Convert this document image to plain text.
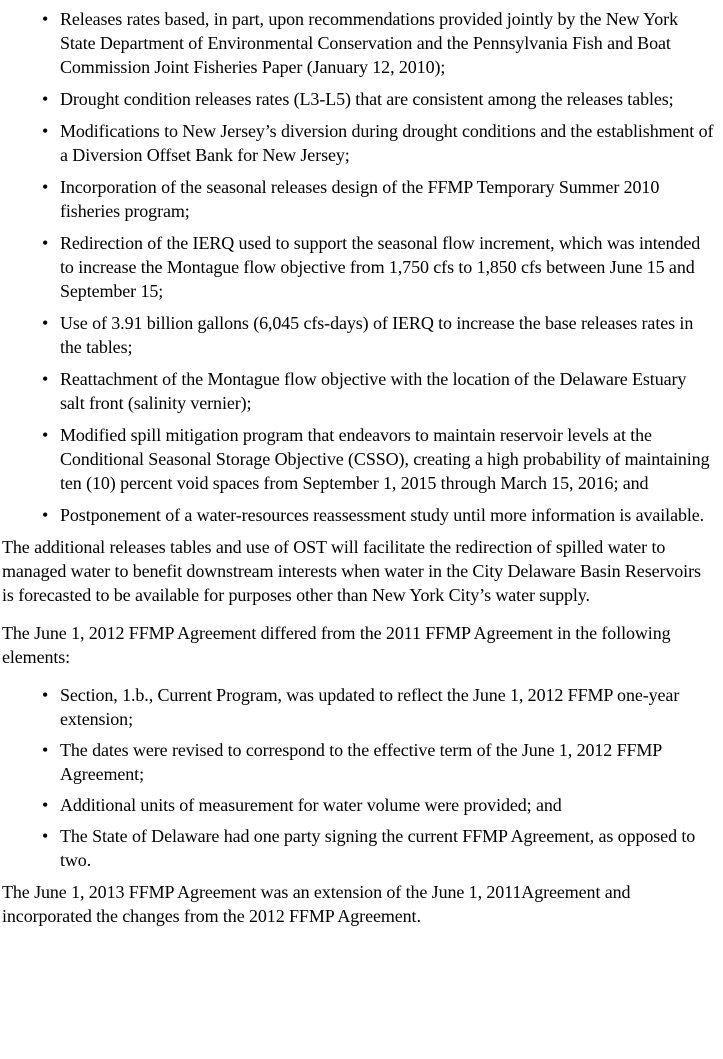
• Releases rates based, in part, upon recommendations provided jointly by the New York State Department of Environmental Conservation and the Pennsylvania Fish and Boat Commission Joint Fisheries Paper (January 12, 2010);
• Drought condition releases rates (L3-L5) that are consistent among the releases tables;
• Modifications to New Jersey’s diversion during drought conditions and the establishment of a Diversion Offset Bank for New Jersey;
• Incorporation of the seasonal releases design of the FFMP Temporary Summer 2010 fisheries program;
• Redirection of the IERQ used to support the seasonal flow increment, which was intended to increase the Montague flow objective from 1,750 cfs to 1,850 cfs between June 15 and September 15;
• Use of 3.91 billion gallons (6,045 cfs-days) of IERQ to increase the base releases rates in the tables;
• Reattachment of the Montague flow objective with the location of the Delaware Estuary salt front (salinity vernier);
• Modified spill mitigation program that endeavors to maintain reservoir levels at the Conditional Seasonal Storage Objective (CSSO), creating a high probability of maintaining ten (10) percent void spaces from September 1, 2015 through March 15, 2016; and
• Postponement of a water-resources reassessment study until more information is available.

The additional releases tables and use of OST will facilitate the redirection of spilled water to managed water to benefit downstream interests when water in the City Delaware Basin Reservoirs is forecasted to be available for purposes other than New York City’s water supply.

The June 1, 2012 FFMP Agreement differed from the 2011 FFMP Agreement in the following elements:

• Section, 1.b., Current Program, was updated to reflect the June 1, 2012 FFMP one-year extension;
• The dates were revised to correspond to the effective term of the June 1, 2012 FFMP Agreement;
• Additional units of measurement for water volume were provided; and
• The State of Delaware had one party signing the current FFMP Agreement, as opposed to two.

The June 1, 2013 FFMP Agreement was an extension of the June 1, 2011Agreement and incorporated the changes from the 2012 FFMP Agreement.
